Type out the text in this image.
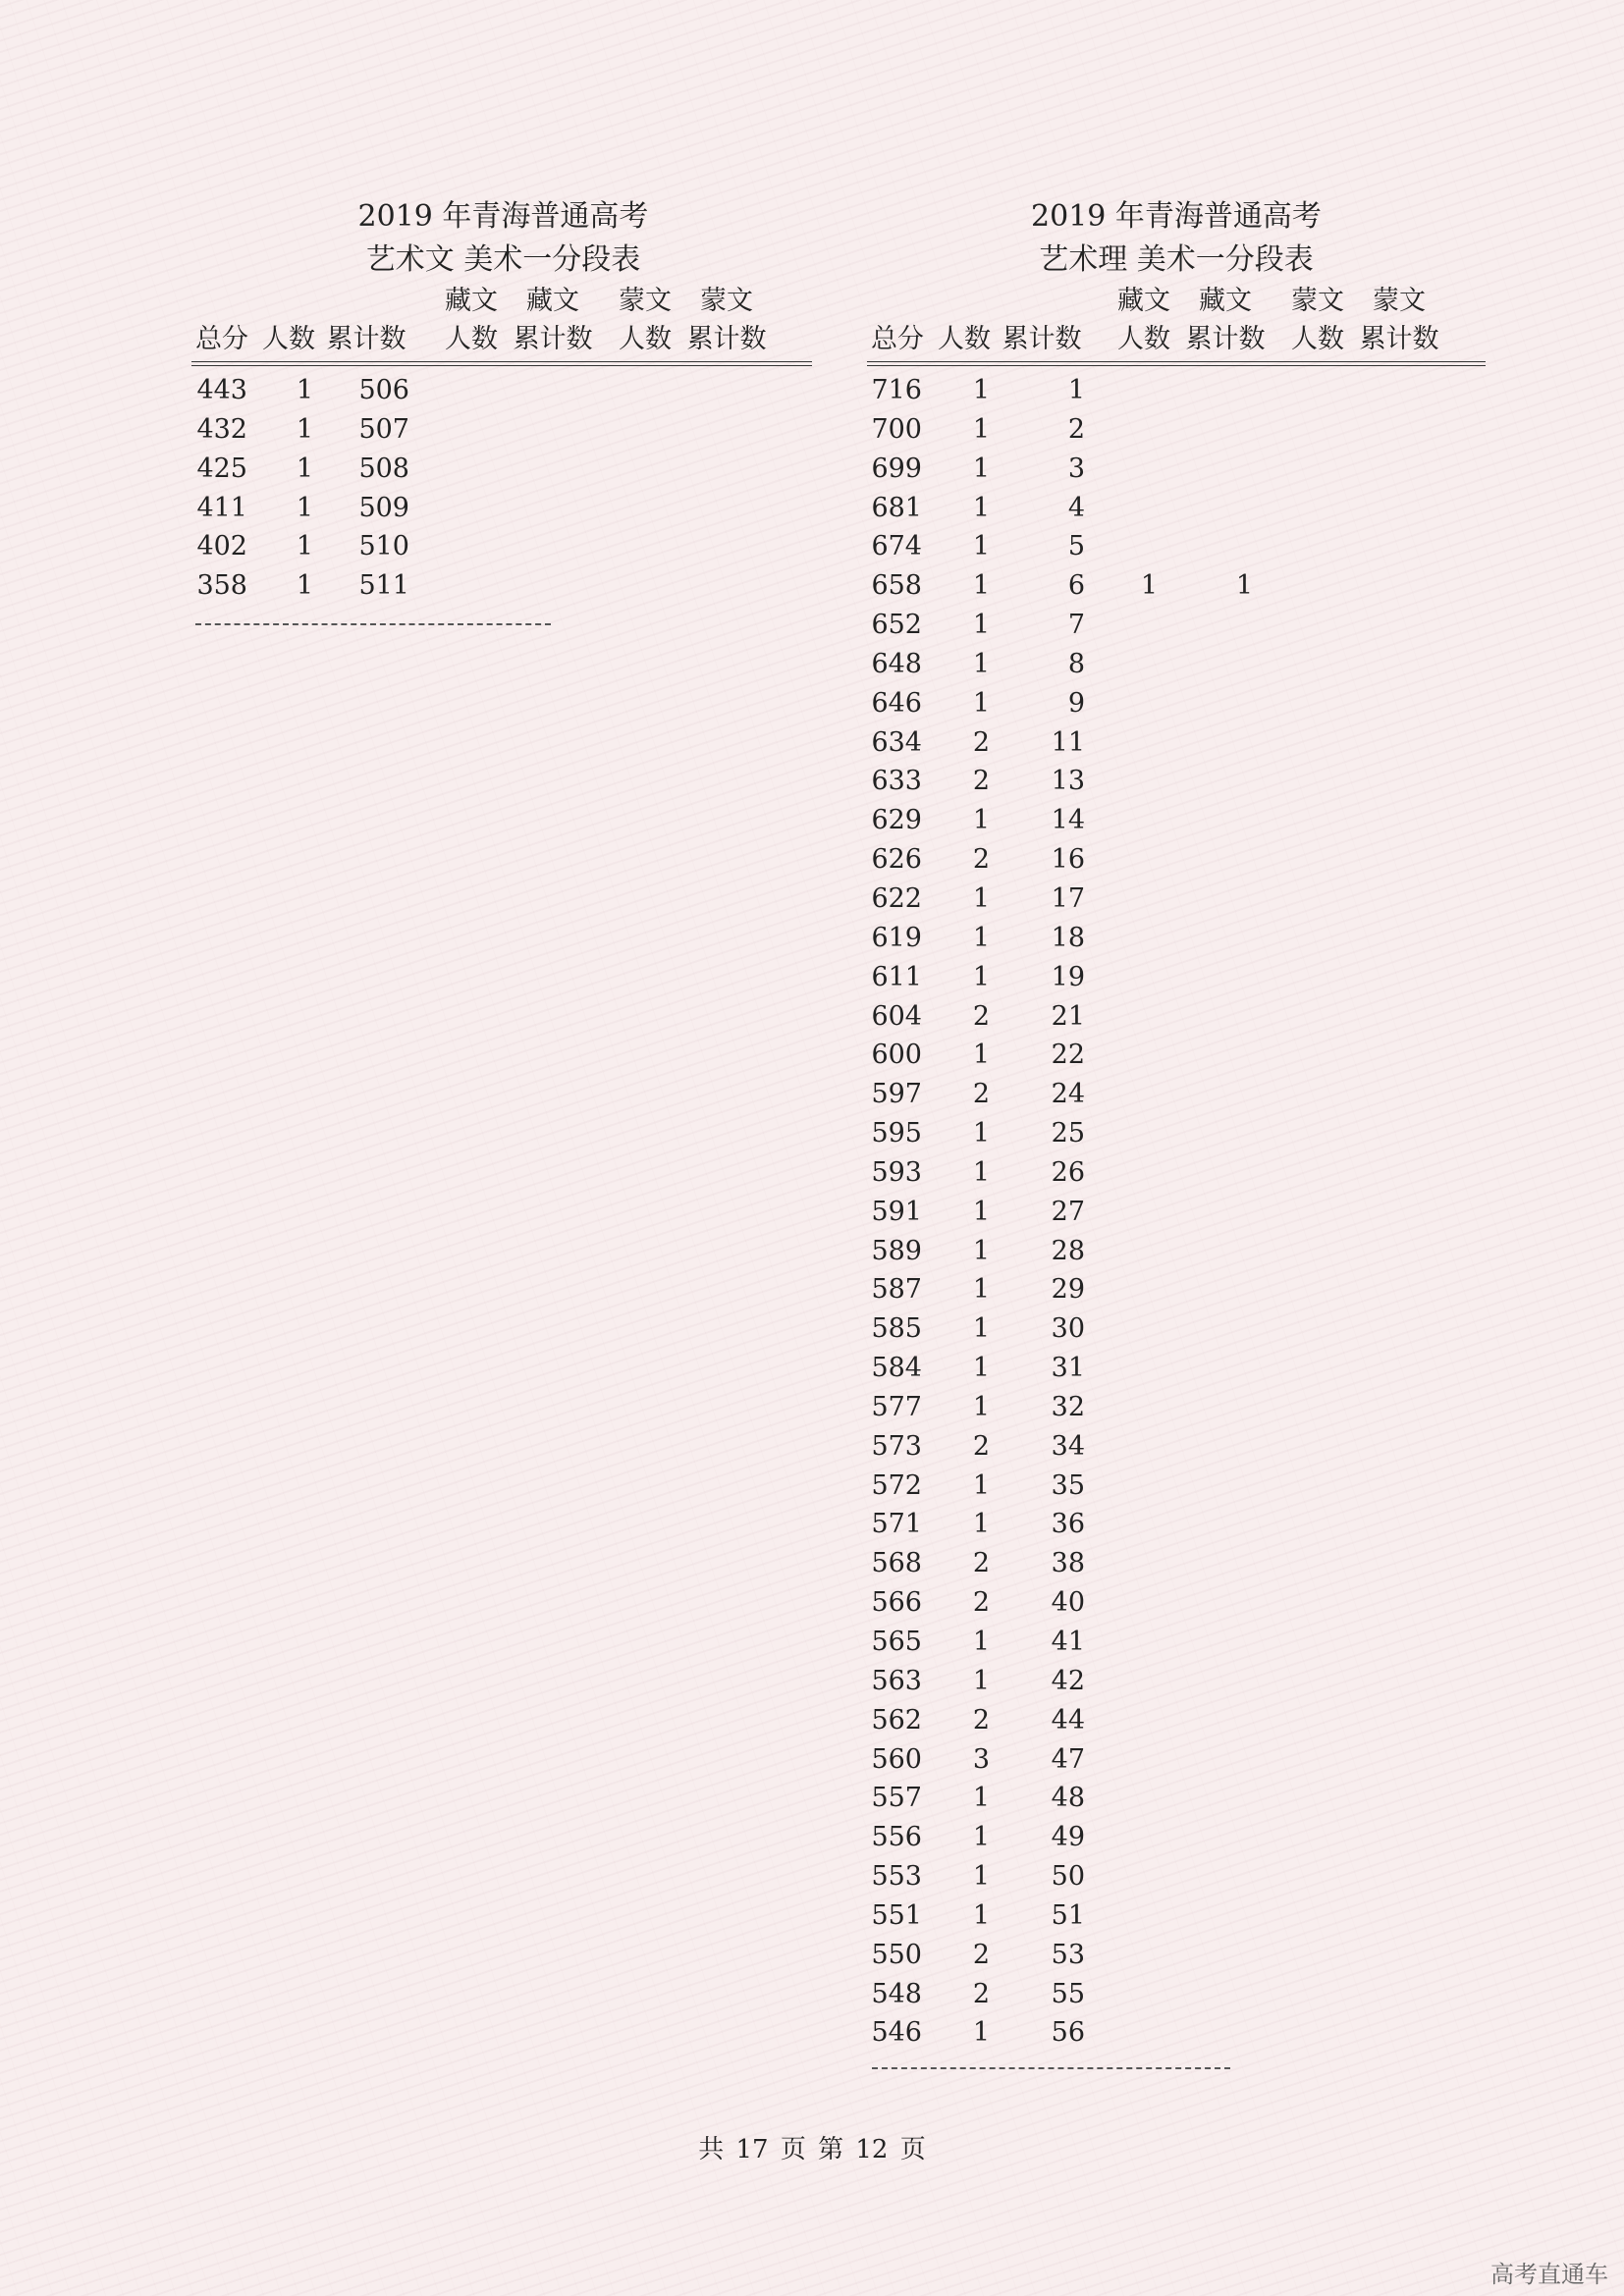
2019 年青海普通高考
艺术文 美术一分段表
藏文	藏文	蒙文	蒙文
总分 人数 累计数	人数 累计数 人数 累计数
443	1	506
432	1	507
425	1	508
411	1	509
402	1	510
358	1	511
2019 年青海普通高考
艺术理 美术一分段表
藏文	藏文	蒙文	蒙文
总分 人数 累计数	人数 累计数 人数 累计数
716	1	1
700	1	2
699	1	3
681	1	4
674	1	5
658	1	6	1	1
652	1	7
648	1	8
646	1	9
634	2	11
633	2	13
629	1	14
626	2	16
622	1	17
619	1	18
611	1	19
604	2	21
600	1	22
597	2	24
595	1	25
593	1	26
591	1	27
589	1	28
587	1	29
585	1	30
584	1	31
577	1	32
573	2	34
572	1	35
571	1	36
568	2	38
566	2	40
565	1	41
563	1	42
562	2	44
560	3	47
557	1	48
556	1	49
553	1	50
551	1	51
550	2	53
548	2	55
546	1	56
共 17 页 第 12 页
高考直通车
